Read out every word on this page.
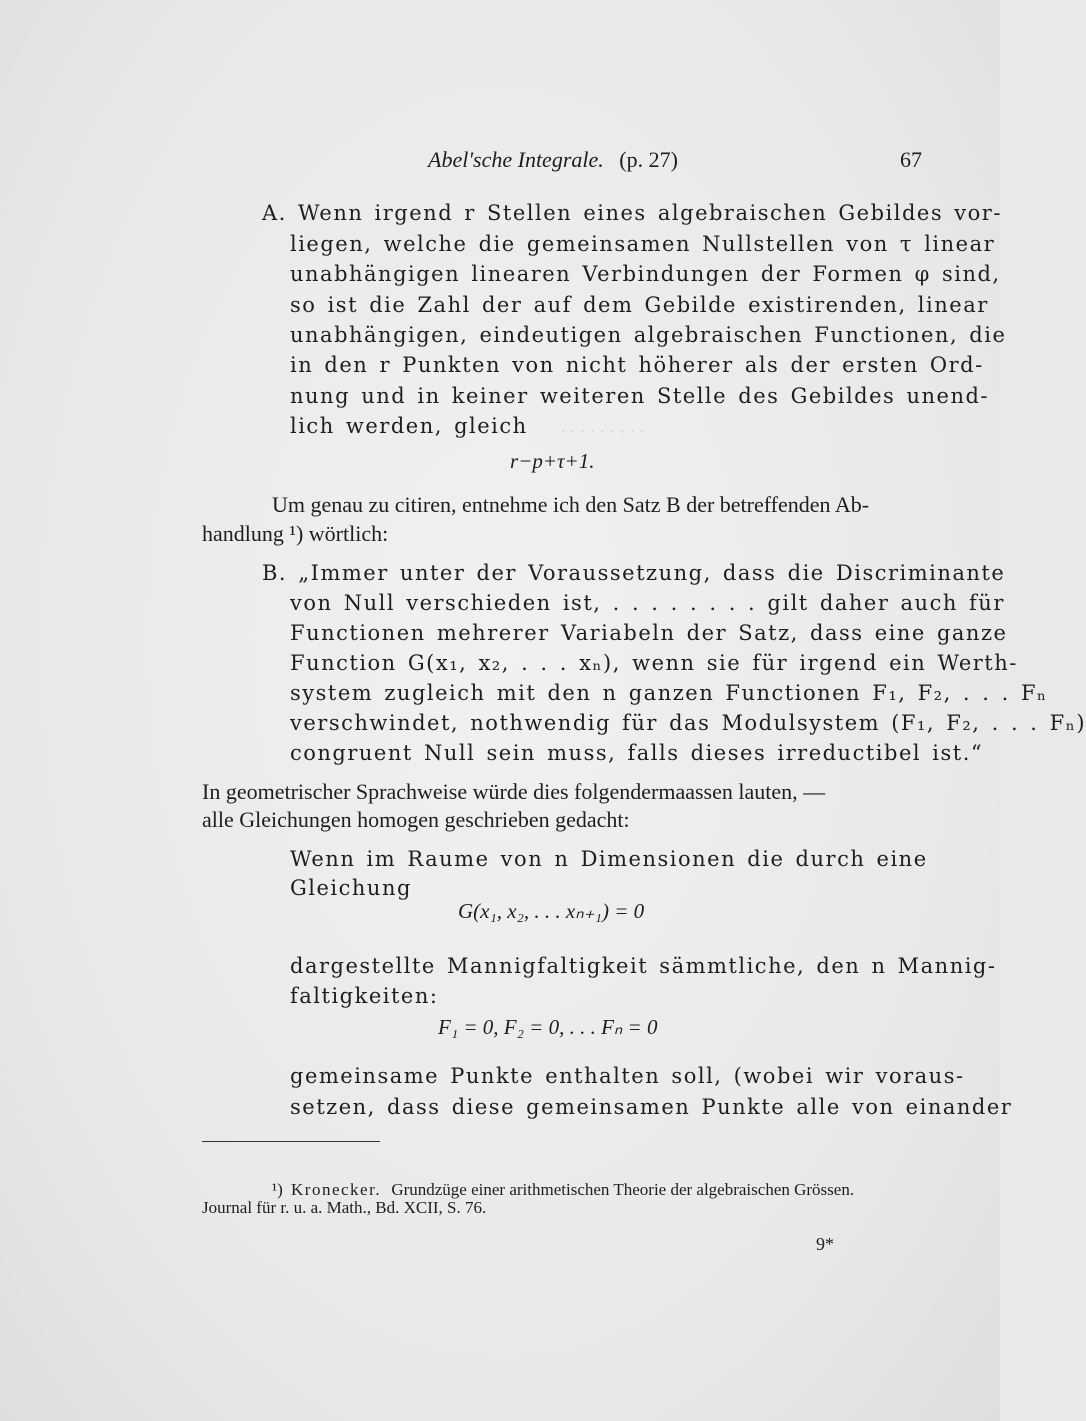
· · · · · · · · ·
Abel'sche Integrale. (p. 27)	67
A. Wenn irgend r Stellen eines algebraischen Gebildes vor-
liegen, welche die gemeinsamen Nullstellen von τ linear
unabhängigen linearen Verbindungen der Formen φ sind,
so ist die Zahl der auf dem Gebilde existirenden, linear
unabhängigen, eindeutigen algebraischen Functionen, die
in den r Punkten von nicht höherer als der ersten Ord-
nung und in keiner weiteren Stelle des Gebildes unend-
lich werden, gleich
r−p+τ+1.
Um genau zu citiren, entnehme ich den Satz B der betreffenden Ab-
handlung ¹) wörtlich:
B. „Immer unter der Voraussetzung, dass die Discriminante
von Null verschieden ist, . . . . . . . . gilt daher auch für
Functionen mehrerer Variabeln der Satz, dass eine ganze
Function G(x₁, x₂, . . . xₙ), wenn sie für irgend ein Werth-
system zugleich mit den n ganzen Functionen F₁, F₂, . . . Fₙ
verschwindet, nothwendig für das Modulsystem (F₁, F₂, . . . Fₙ)
congruent Null sein muss, falls dieses irreductibel ist.“
In geometrischer Sprachweise würde dies folgendermaassen lauten, —
alle Gleichungen homogen geschrieben gedacht:
Wenn im Raume von n Dimensionen die durch eine
Gleichung
G(x₁, x₂, . . . xₙ₊₁) = 0
dargestellte Mannigfaltigkeit sämmtliche, den n Mannig-
faltigkeiten:
F₁ = 0, F₂ = 0, . . . Fₙ = 0
gemeinsame Punkte enthalten soll, (wobei wir voraus-
setzen, dass diese gemeinsamen Punkte alle von einander
¹) Kronecker. Grundzüge einer arithmetischen Theorie der algebraischen Grössen.
Journal für r. u. a. Math., Bd. XCII, S. 76.
9*
